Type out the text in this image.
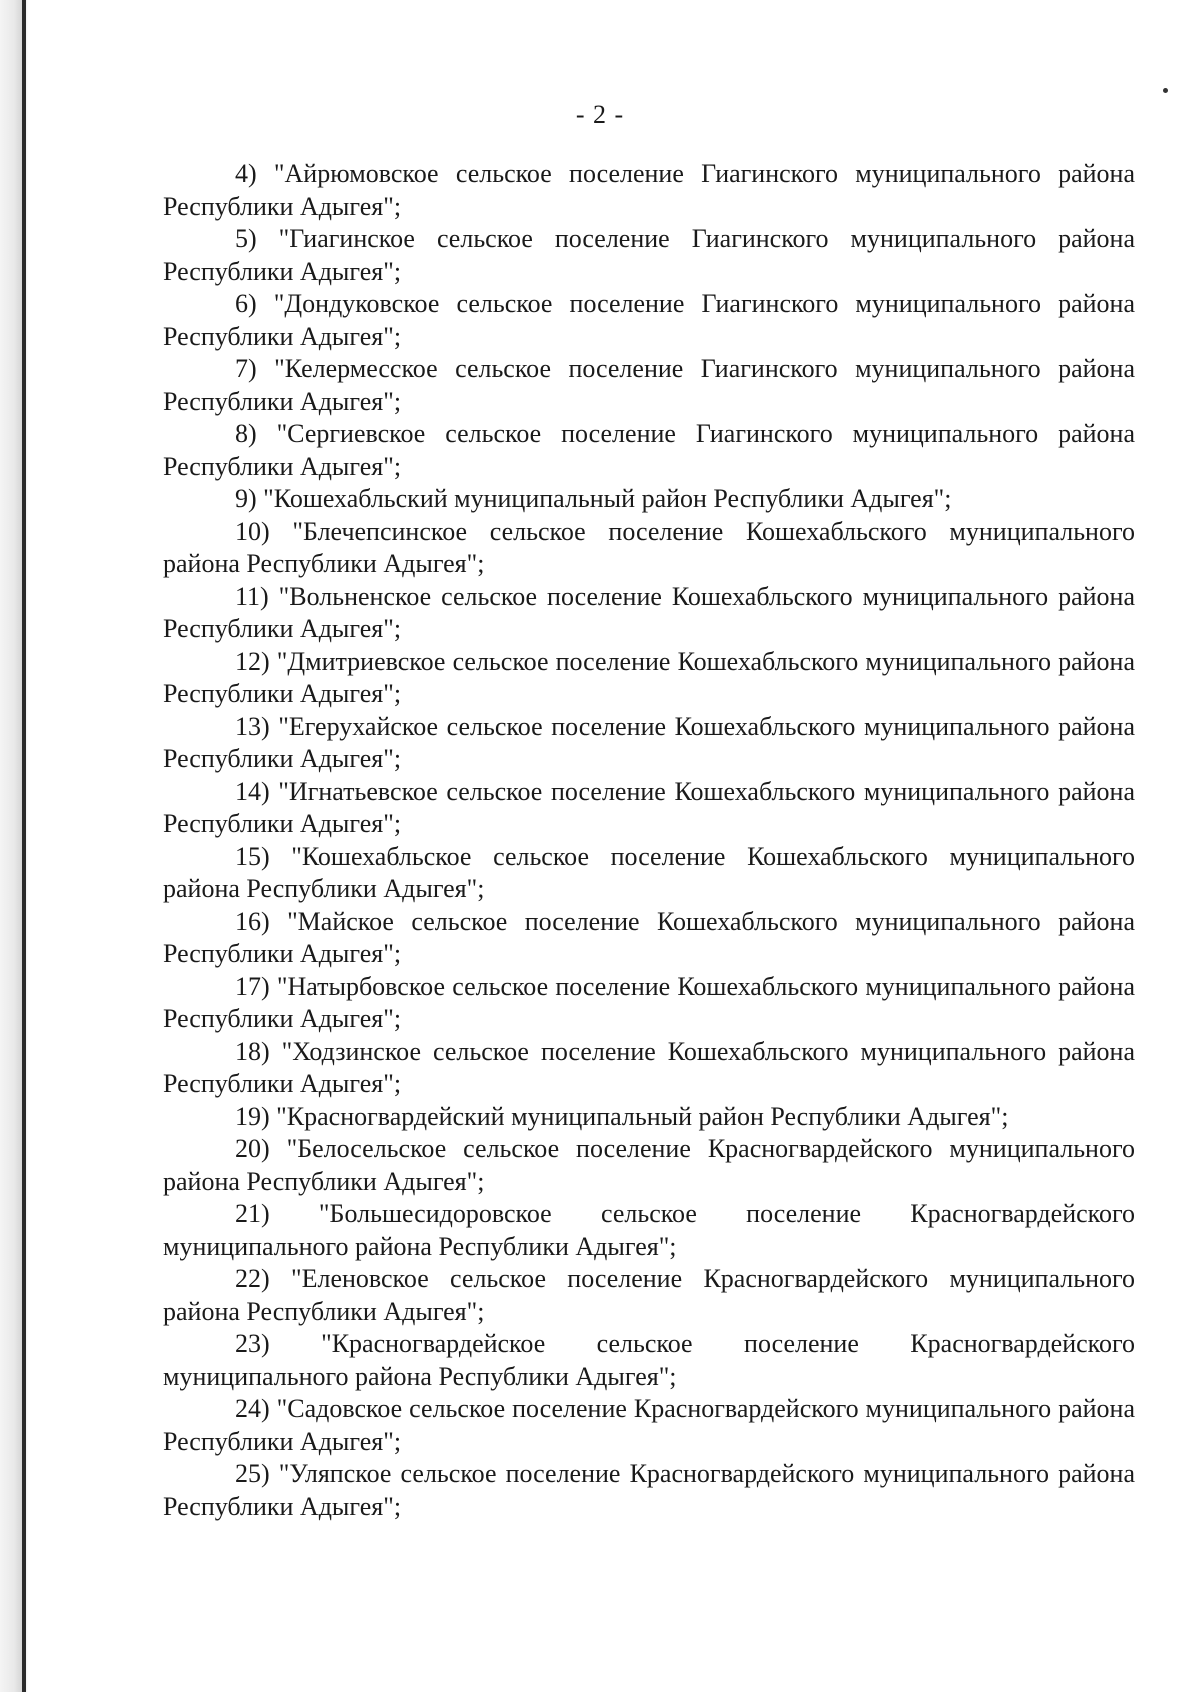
- 2 -

4) "Айрюмовское сельское поселение Гиагинского муниципального района Республики Адыгея";

5) "Гиагинское сельское поселение Гиагинского муниципального района Республики Адыгея";

6) "Дондуковское сельское поселение Гиагинского муниципального района Республики Адыгея";

7) "Келермесское сельское поселение Гиагинского муниципального района Республики Адыгея";

8) "Сергиевское сельское поселение Гиагинского муниципального района Республики Адыгея";

9) "Кошехабльский муниципальный район Республики Адыгея";

10) "Блечепсинское сельское поселение Кошехабльского муниципального района Республики Адыгея";

11) "Вольненское сельское поселение Кошехабльского муниципального района Республики Адыгея";

12) "Дмитриевское сельское поселение Кошехабльского муниципального района Республики Адыгея";

13) "Егерухайское сельское поселение Кошехабльского муниципального района Республики Адыгея";

14) "Игнатьевское сельское поселение Кошехабльского муниципального района Республики Адыгея";

15) "Кошехабльское сельское поселение Кошехабльского муниципального района Республики Адыгея";

16) "Майское сельское поселение Кошехабльского муниципального района Республики Адыгея";

17) "Натырбовское сельское поселение Кошехабльского муниципального района Республики Адыгея";

18) "Ходзинское сельское поселение Кошехабльского муниципального района Республики Адыгея";

19) "Красногвардейский муниципальный район Республики Адыгея";

20) "Белосельское сельское поселение Красногвардейского муниципального района Республики Адыгея";

21) "Большесидоровское сельское поселение Красногвардейского муниципального района Республики Адыгея";

22) "Еленовское сельское поселение Красногвардейского муниципального района Республики Адыгея";

23) "Красногвардейское сельское поселение Красногвардейского муниципального района Республики Адыгея";

24) "Садовское сельское поселение Красногвардейского муниципального района Республики Адыгея";

25) "Уляпское сельское поселение Красногвардейского муниципального района Республики Адыгея";
